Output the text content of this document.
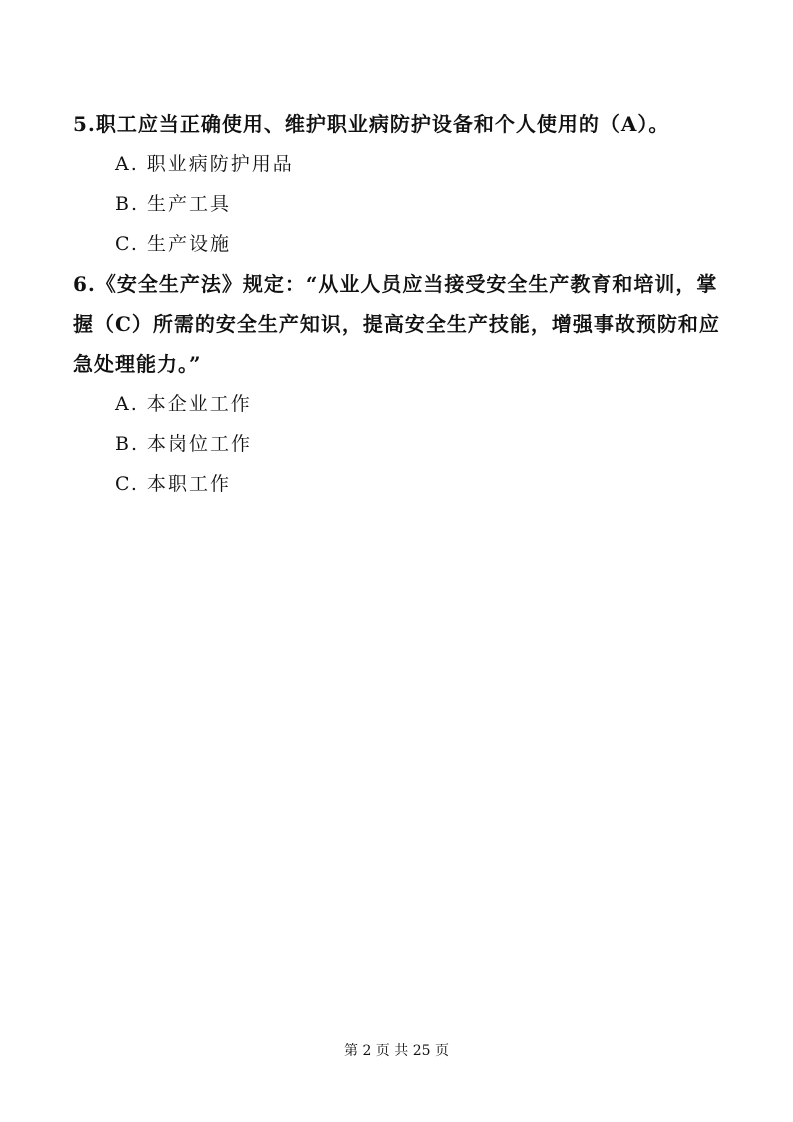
5.职工应当正确使用、维护职业病防护设备和个人使用的（A）。

A. 职业病防护用品

B. 生产工具

C. 生产设施

6.《安全生产法》规定：“从业人员应当接受安全生产教育和培训，掌握（C）所需的安全生产知识，提高安全生产技能，增强事故预防和应急处理能力。”

A. 本企业工作

B. 本岗位工作

C. 本职工作

第 2 页 共 25 页
